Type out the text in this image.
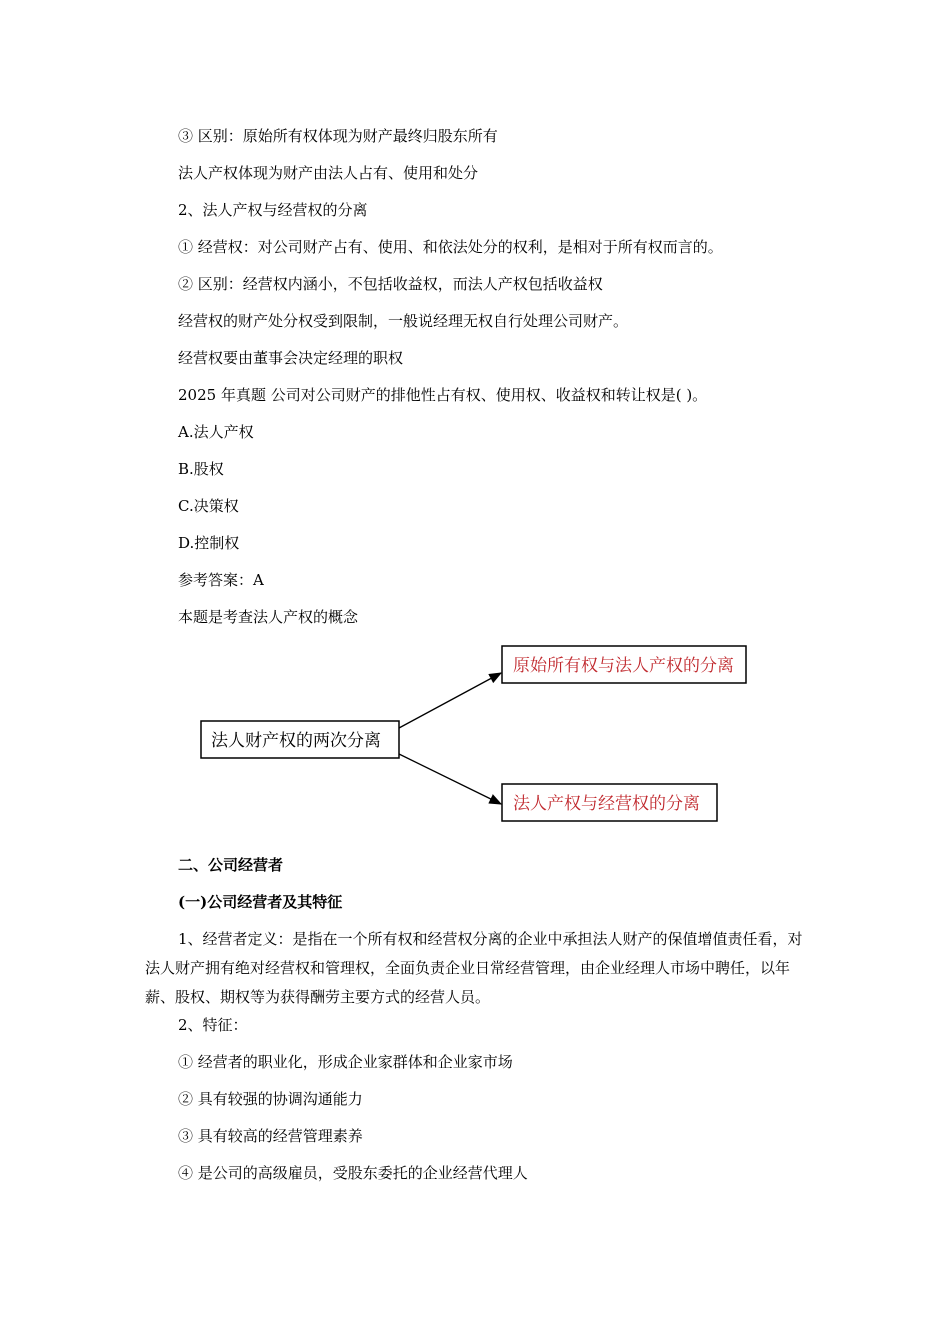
③ 区别：原始所有权体现为财产最终归股东所有
法人产权体现为财产由法人占有、使用和处分
2、法人产权与经营权的分离
① 经营权：对公司财产占有、使用、和依法处分的权利，是相对于所有权而言的。
② 区别：经营权内涵小，不包括收益权，而法人产权包括收益权
经营权的财产处分权受到限制，一般说经理无权自行处理公司财产。
经营权要由董事会决定经理的职权
2025 年真题 公司对公司财产的排他性占有权、使用权、收益权和转让权是( )。
A.法人产权
B.股权
C.决策权
D.控制权
参考答案：A
本题是考查法人产权的概念
法人财产权的两次分离
原始所有权与法人产权的分离
法人产权与经营权的分离
二、公司经营者
(一)公司经营者及其特征
1、经营者定义：是指在一个所有权和经营权分离的企业中承担法人财产的保值增值责任看，对法人财产拥有绝对经营权和管理权，全面负责企业日常经营管理，由企业经理人市场中聘任，以年薪、股权、期权等为获得酬劳主要方式的经营人员。
2、特征：
① 经营者的职业化，形成企业家群体和企业家市场
② 具有较强的协调沟通能力
③ 具有较高的经营管理素养
④ 是公司的高级雇员，受股东委托的企业经营代理人
